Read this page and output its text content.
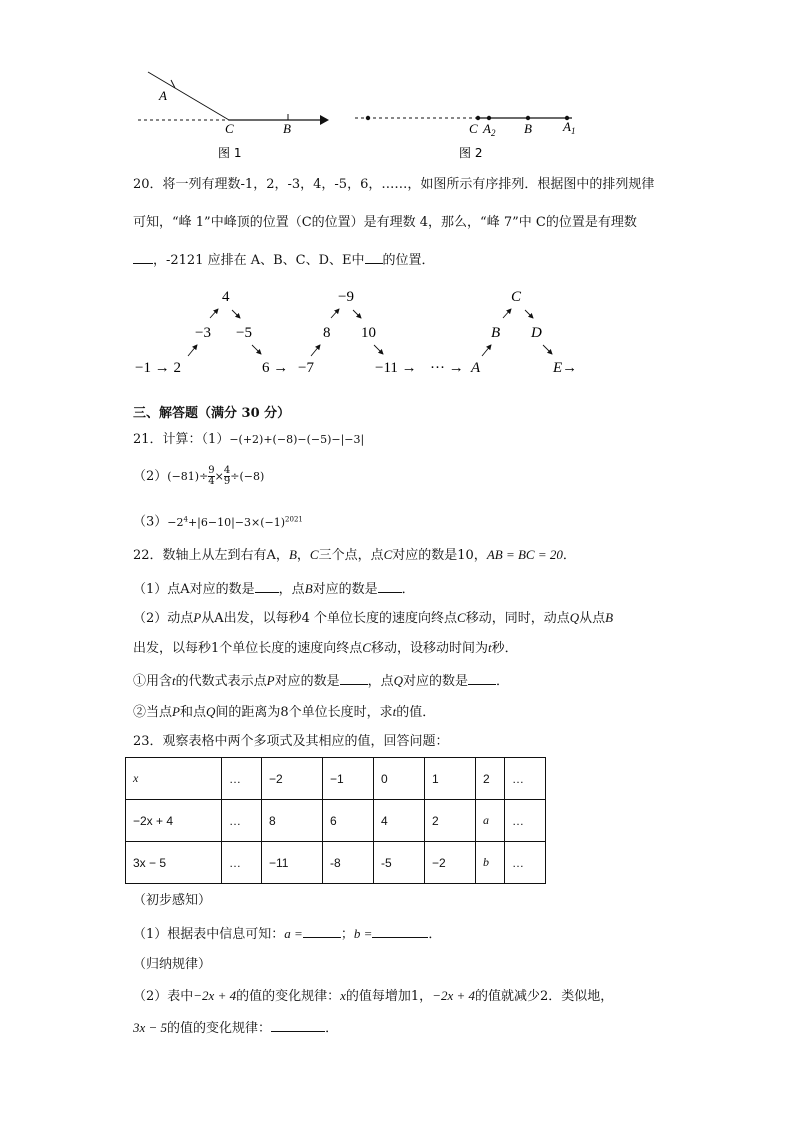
A
C	B
图 1
C $A_2$ B $A_1$
图 2
20．将一列有理数-1，2，-3，4，-5，6，……，如图所示有序排列．根据图中的排列规律
可知，“峰 1”中峰顶的位置（C的位置）是有理数 4，那么，“峰 7”中 C的位置是有理数
，-2121 应排在 A、B、C、D、E中 的位置．
4
−3 −5
−9
8 10
C
B D
−1 → 2	6 → −7	−11 → ··· → A	E→
三、解答题（满分 30 分）
21．计算：（1）−(+2)+(−8)−(−5)−|−3|
$(2)(-81)\div \frac{9}{4} \times \frac{4}{9} \div(-8)$
$(3)-2^4+|6-10|-3\times(-1)^{2021}$
22．数轴上从左到右有A，B，C三个点，点C对应的数是10，AB = BC = 20．
（1）点A对应的数是 ，点B对应的数是 ．
（2）动点P从A出发，以每秒4 个单位长度的速度向终点C移动，同时，动点Q从点B
出发，以每秒1个单位长度的速度向终点C移动，设移动时间为t秒．
①用含t的代数式表示点P对应的数是 ，点Q对应的数是 ．
②当点P和点Q间的距离为8个单位长度时，求t的值．
23．观察表格中两个多项式及其相应的值，回答问题：
x	…	−2	−1	0	1	2	…
−2x + 4	…	8	6	4	2	a	…
3x − 5	…	−11	-8	-5	−2	b	…
（初步感知）
（1）根据表中信息可知：a =	；b =	．
（归纳规律）
（2）表中−2x + 4的值的变化规律：x的值每增加1，−2x + 4的值就减少2．类似地，
3x − 5的值的变化规律：	．
